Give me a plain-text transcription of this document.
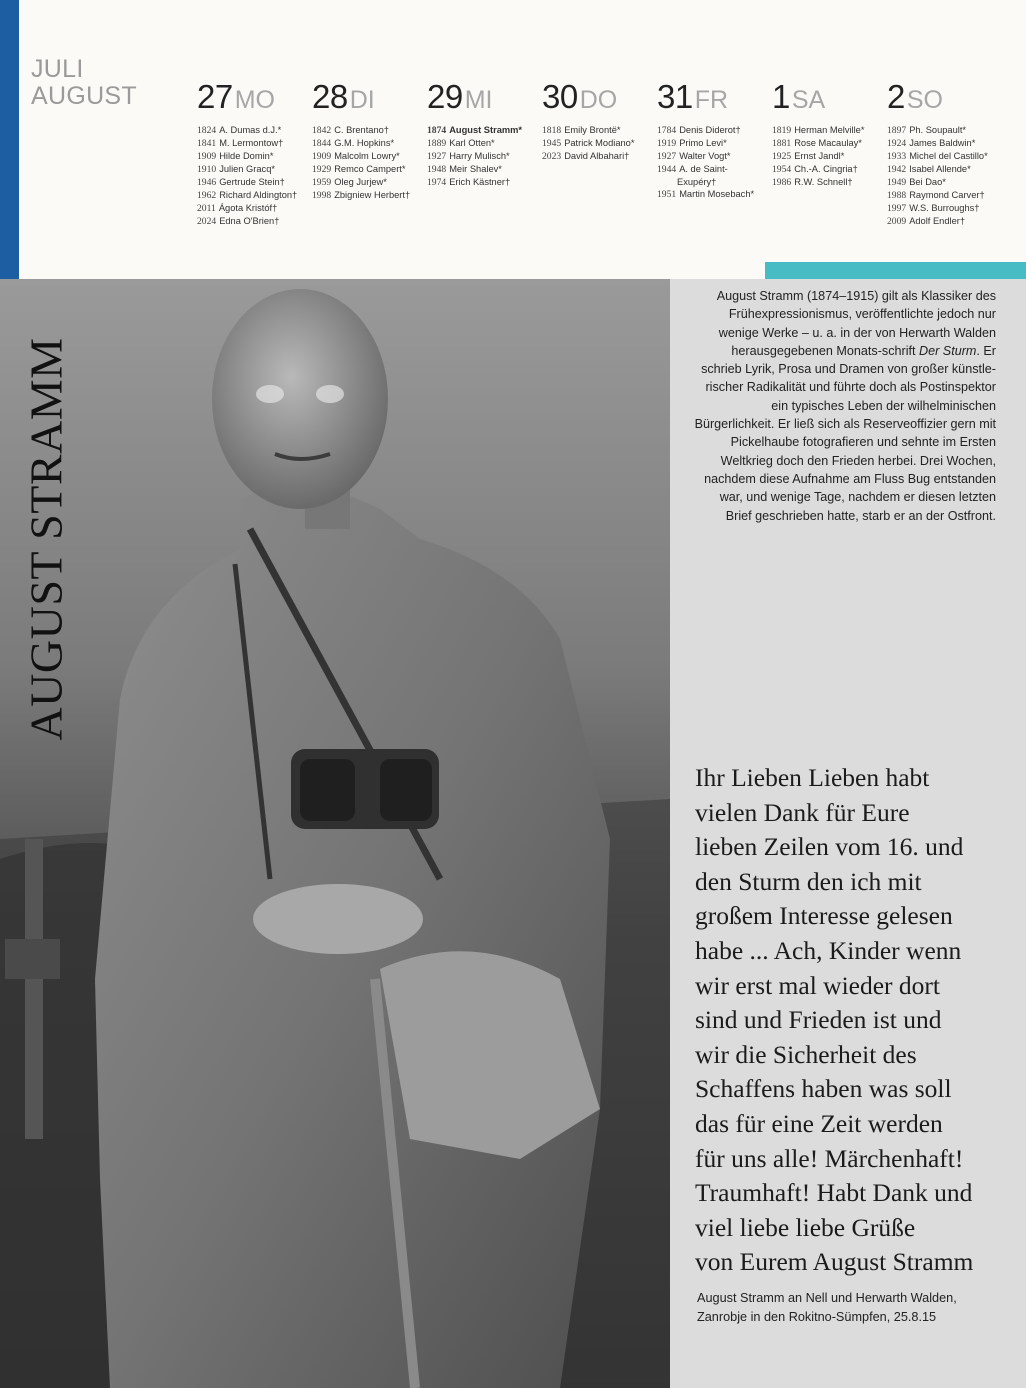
JULI
AUGUST 27MO
1824 A. Dumas d.J.*
1841 M. Lermontow†
1909 Hilde Domin*
1910 Julien Gracq*
1946 Gertrude Stein†
1962 Richard Aldington†
2011 Ágota Kristóf†
2024 Edna O'Brien†
28DI
1842 C. Brentano†
1844 G.M. Hopkins*
1909 Malcolm Lowry*
1929 Remco Campert*
1959 Oleg Jurjew*
1998 Zbigniew Herbert†
29MI
1874 August Stramm*
1889 Karl Otten*
1927 Harry Mulisch*
1948 Meir Shalev*
1974 Erich Kästner†
30DO
1818 Emily Brontë*
1945 Patrick Modiano*
2023 David Albahari†
31FR
1784 Denis Diderot†
1919 Primo Levi*
1927 Walter Vogt*
1944 A. de Saint-
Exupéry†
1951 Martin Mosebach*
1SA
1819 Herman Melville*
1881 Rose Macaulay*
1925 Ernst Jandl*
1954 Ch.-A. Cingria†
1986 R.W. Schnell†
2SO
1897 Ph. Soupault*
1924 James Baldwin*
1933 Michel del Castillo*
1942 Isabel Allende*
1949 Bei Dao*
1988 Raymond Carver†
1997 W.S. Burroughs†
2009 Adolf Endler†
AUGUST STRAMM
August Stramm (1874–1915) gilt als Klassiker des Frühexpressionismus, veröffentlichte jedoch nur wenige Werke – u. a. in der von Herwarth Walden herausgegebenen Monats-schrift Der Sturm. Er schrieb Lyrik, Prosa und Dramen von großer künstle-rischer Radikalität und führte doch als Postinspektor ein typisches Leben der wilhelminischen Bürgerlichkeit. Er ließ sich als Reserveoffizier gern mit Pickelhaube fotografieren und sehnte im Ersten Weltkrieg doch den Frieden herbei. Drei Wochen, nachdem diese Aufnahme am Fluss Bug entstanden war, und wenige Tage, nachdem er diesen letzten Brief geschrieben hatte, starb er an der Ostfront.
Ihr Lieben Lieben habt
vielen Dank für Eure
lieben Zeilen vom 16. und
den Sturm den ich mit
großem Interesse gelesen
habe ... Ach, Kinder wenn
wir erst mal wieder dort
sind und Frieden ist und
wir die Sicherheit des
Schaffens haben was soll
das für eine Zeit werden
für uns alle! Märchenhaft!
Traumhaft! Habt Dank und
viel liebe liebe Grüße
von Eurem August Stramm
August Stramm an Nell und Herwarth Walden, Zanrobje in den Rokitno-Sümpfen, 25.8.15
